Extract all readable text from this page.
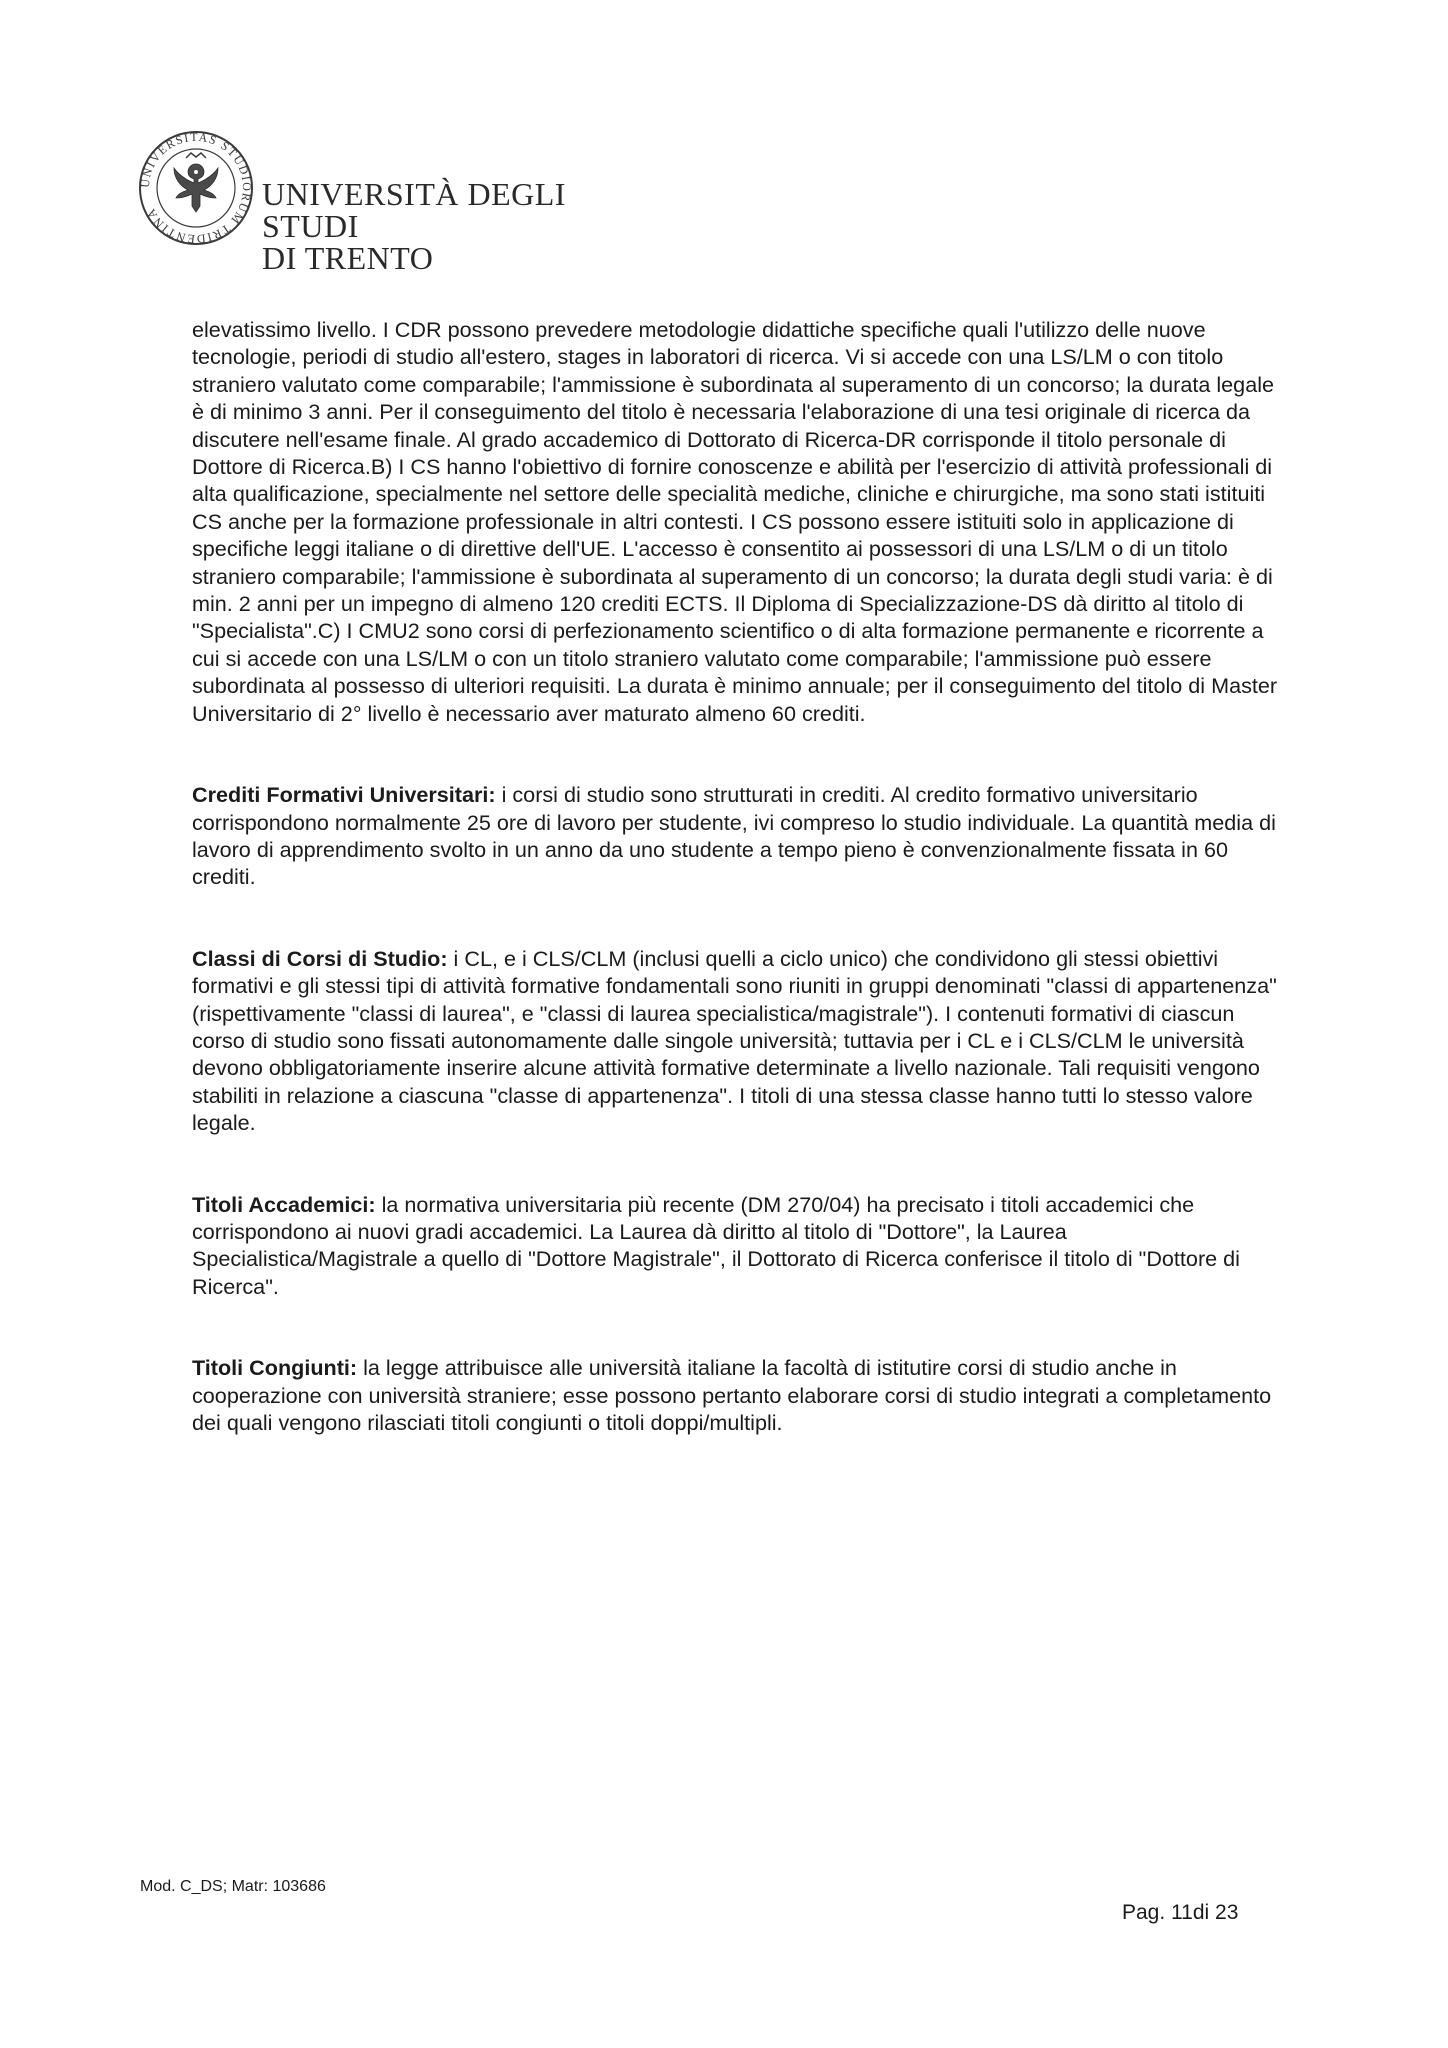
UNIVERSITAS STUDIORUM TRIDENTINA
UNIVERSITÀ DEGLI STUDI
DI TRENTO

elevatissimo livello. I CDR possono prevedere metodologie didattiche specifiche quali l'utilizzo delle nuove tecnologie, periodi di studio all'estero, stages in laboratori di ricerca. Vi si accede con una LS/LM o con titolo straniero valutato come comparabile; l'ammissione è subordinata al superamento di un concorso; la durata legale è di minimo 3 anni. Per il conseguimento del titolo è necessaria l'elaborazione di una tesi originale di ricerca da discutere nell'esame finale. Al grado accademico di Dottorato di Ricerca-DR corrisponde il titolo personale di Dottore di Ricerca.B) I CS hanno l'obiettivo di fornire conoscenze e abilità per l'esercizio di attività professionali di alta qualificazione, specialmente nel settore delle specialità mediche, cliniche e chirurgiche, ma sono stati istituiti CS anche per la formazione professionale in altri contesti. I CS possono essere istituiti solo in applicazione di specifiche leggi italiane o di direttive dell'UE. L'accesso è consentito ai possessori di una LS/LM o di un titolo straniero comparabile; l'ammissione è subordinata al superamento di un concorso; la durata degli studi varia: è di min. 2 anni per un impegno di almeno 120 crediti ECTS. Il Diploma di Specializzazione-DS dà diritto al titolo di "Specialista".C) I CMU2 sono corsi di perfezionamento scientifico o di alta formazione permanente e ricorrente a cui si accede con una LS/LM o con un titolo straniero valutato come comparabile; l'ammissione può essere subordinata al possesso di ulteriori requisiti. La durata è minimo annuale; per il conseguimento del titolo di Master Universitario di 2° livello è necessario aver maturato almeno 60 crediti.

Crediti Formativi Universitari: i corsi di studio sono strutturati in crediti. Al credito formativo universitario corrispondono normalmente 25 ore di lavoro per studente, ivi compreso lo studio individuale. La quantità media di lavoro di apprendimento svolto in un anno da uno studente a tempo pieno è convenzionalmente fissata in 60 crediti.

Classi di Corsi di Studio: i CL, e i CLS/CLM (inclusi quelli a ciclo unico) che condividono gli stessi obiettivi formativi e gli stessi tipi di attività formative fondamentali sono riuniti in gruppi denominati "classi di appartenenza" (rispettivamente "classi di laurea", e "classi di laurea specialistica/magistrale"). I contenuti formativi di ciascun corso di studio sono fissati autonomamente dalle singole università; tuttavia per i CL e i CLS/CLM le università devono obbligatoriamente inserire alcune attività formative determinate a livello nazionale. Tali requisiti vengono stabiliti in relazione a ciascuna "classe di appartenenza". I titoli di una stessa classe hanno tutti lo stesso valore legale.

Titoli Accademici: la normativa universitaria più recente (DM 270/04) ha precisato i titoli accademici che corrispondono ai nuovi gradi accademici. La Laurea dà diritto al titolo di "Dottore", la Laurea Specialistica/Magistrale a quello di "Dottore Magistrale", il Dottorato di Ricerca conferisce il titolo di "Dottore di Ricerca".

Titoli Congiunti: la legge attribuisce alle università italiane la facoltà di istitutire corsi di studio anche in cooperazione con università straniere; esse possono pertanto elaborare corsi di studio integrati a completamento dei quali vengono rilasciati titoli congiunti o titoli doppi/multipli.

Mod. C_DS; Matr: 103686
Pag. 11di 23
